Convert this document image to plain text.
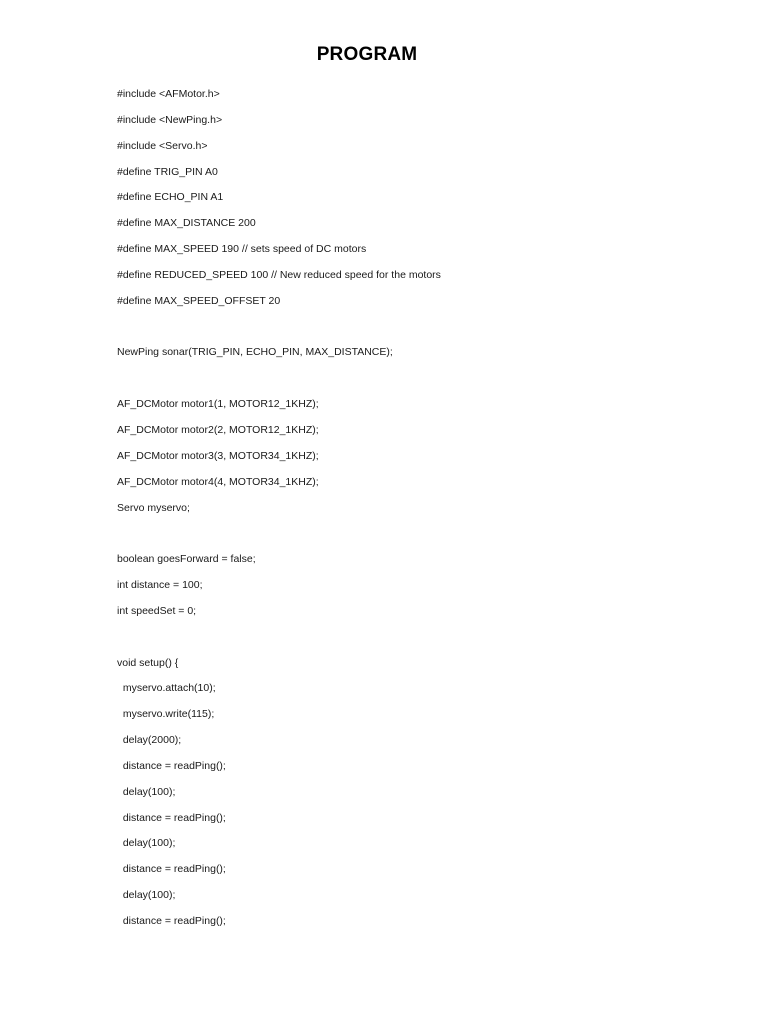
PROGRAM
#include <AFMotor.h>
#include <NewPing.h>
#include <Servo.h>
#define TRIG_PIN A0
#define ECHO_PIN A1
#define MAX_DISTANCE 200
#define MAX_SPEED 190 // sets speed of DC motors
#define REDUCED_SPEED 100 // New reduced speed for the motors
#define MAX_SPEED_OFFSET 20
NewPing sonar(TRIG_PIN, ECHO_PIN, MAX_DISTANCE);
AF_DCMotor motor1(1, MOTOR12_1KHZ);
AF_DCMotor motor2(2, MOTOR12_1KHZ);
AF_DCMotor motor3(3, MOTOR34_1KHZ);
AF_DCMotor motor4(4, MOTOR34_1KHZ);
Servo myservo;
boolean goesForward = false;
int distance = 100;
int speedSet = 0;
void setup() {
myservo.attach(10);
myservo.write(115);
delay(2000);
distance = readPing();
delay(100);
distance = readPing();
delay(100);
distance = readPing();
delay(100);
distance = readPing();
